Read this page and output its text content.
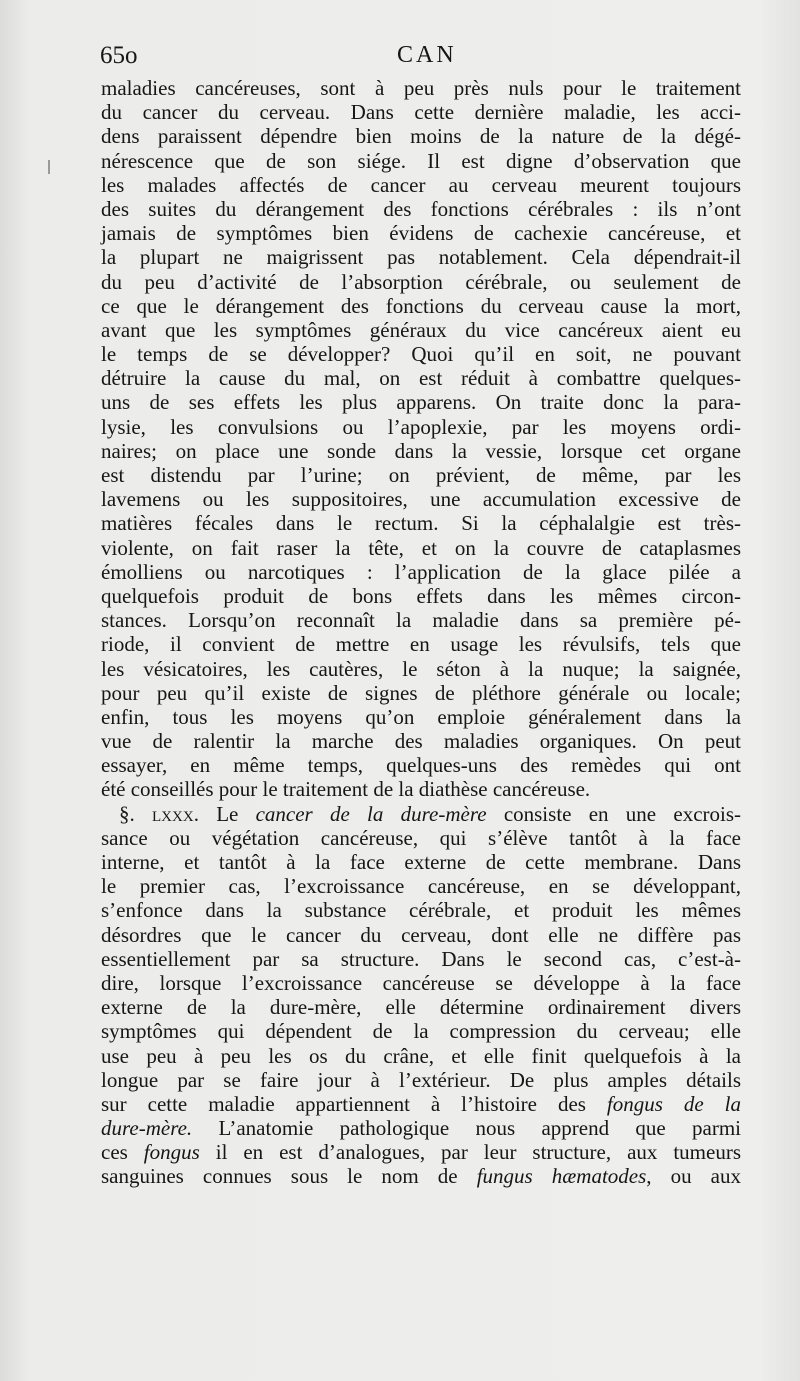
65o	CAN
maladies cancéreuses, sont à peu près nuls pour le traitement
du cancer du cerveau. Dans cette dernière maladie, les acci-
dens paraissent dépendre bien moins de la nature de la dégé-
nérescence que de son siége. Il est digne d’observation que
les malades affectés de cancer au cerveau meurent toujours
des suites du dérangement des fonctions cérébrales : ils n’ont
jamais de symptômes bien évidens de cachexie cancéreuse, et
la plupart ne maigrissent pas notablement. Cela dépendrait-il
du peu d’activité de l’absorption cérébrale, ou seulement de
ce que le dérangement des fonctions du cerveau cause la mort,
avant que les symptômes généraux du vice cancéreux aient eu
le temps de se développer? Quoi qu’il en soit, ne pouvant
détruire la cause du mal, on est réduit à combattre quelques-
uns de ses effets les plus apparens. On traite donc la para-
lysie, les convulsions ou l’apoplexie, par les moyens ordi-
naires; on place une sonde dans la vessie, lorsque cet organe
est distendu par l’urine; on prévient, de même, par les
lavemens ou les suppositoires, une accumulation excessive de
matières fécales dans le rectum. Si la céphalalgie est très-
violente, on fait raser la tête, et on la couvre de cataplasmes
émolliens ou narcotiques : l’application de la glace pilée a
quelquefois produit de bons effets dans les mêmes circon-
stances. Lorsqu’on reconnaît la maladie dans sa première pé-
riode, il convient de mettre en usage les révulsifs, tels que
les vésicatoires, les cautères, le séton à la nuque; la saignée,
pour peu qu’il existe de signes de pléthore générale ou locale;
enfin, tous les moyens qu’on emploie généralement dans la
vue de ralentir la marche des maladies organiques. On peut
essayer, en même temps, quelques-uns des remèdes qui ont
été conseillés pour le traitement de la diathèse cancéreuse.
§. lxxx. Le cancer de la dure-mère consiste en une excrois-
sance ou végétation cancéreuse, qui s’élève tantôt à la face
interne, et tantôt à la face externe de cette membrane. Dans
le premier cas, l’excroissance cancéreuse, en se développant,
s’enfonce dans la substance cérébrale, et produit les mêmes
désordres que le cancer du cerveau, dont elle ne diffère pas
essentiellement par sa structure. Dans le second cas, c’est-à-
dire, lorsque l’excroissance cancéreuse se développe à la face
externe de la dure-mère, elle détermine ordinairement divers
symptômes qui dépendent de la compression du cerveau; elle
use peu à peu les os du crâne, et elle finit quelquefois à la
longue par se faire jour à l’extérieur. De plus amples détails
sur cette maladie appartiennent à l’histoire des fongus de la
dure-mère. L’anatomie pathologique nous apprend que parmi
ces fongus il en est d’analogues, par leur structure, aux tumeurs
sanguines connues sous le nom de fungus hæmatodes, ou aux
